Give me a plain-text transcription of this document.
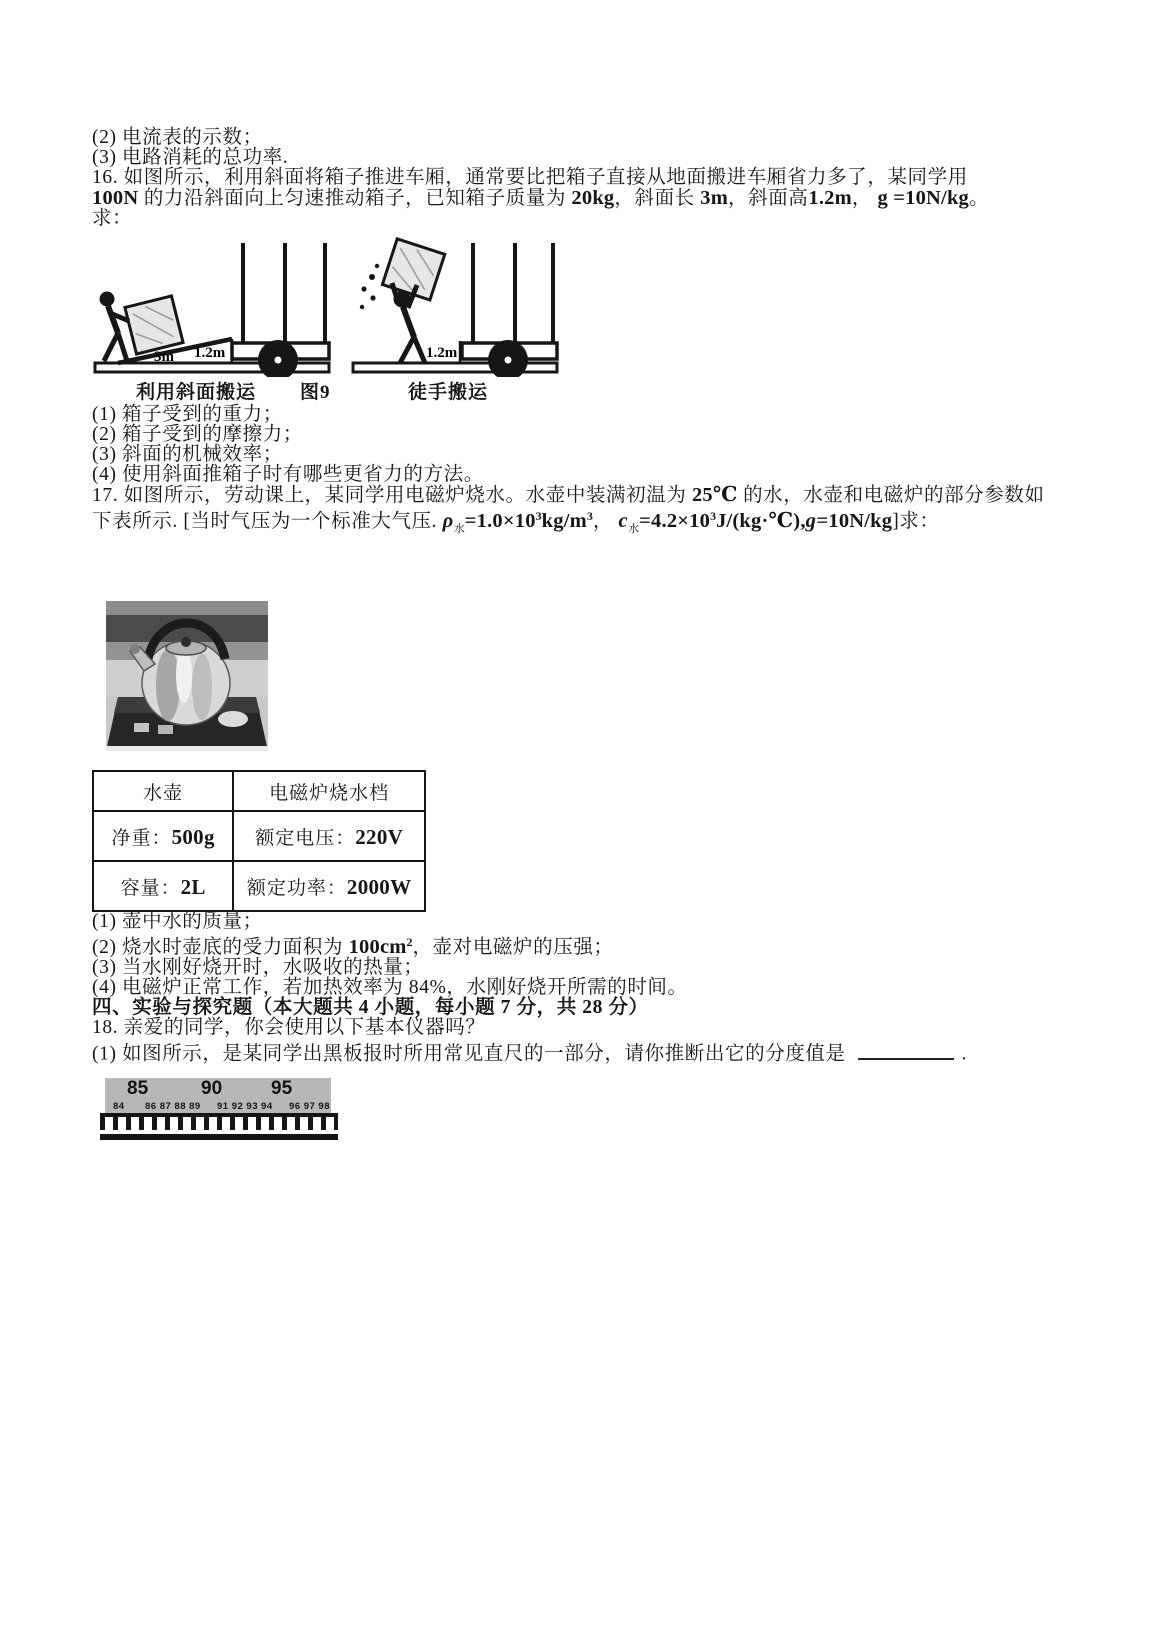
(2) 电流表的示数；

(3) 电路消耗的总功率.

16. 如图所示，利用斜面将箱子推进车厢，通常要比把箱子直接从地面搬进车厢省力多了，某同学用

100N 的力沿斜面向上匀速推动箱子，已知箱子质量为 20kg，斜面长 3m，斜面高1.2m， g =10N/kg。

求：

3m 1.2m	1.2m
利用斜面搬运 图9	徒手搬运

(1) 箱子受到的重力；

(2) 箱子受到的摩擦力；

(3) 斜面的机械效率；

(4) 使用斜面推箱子时有哪些更省力的方法。

17. 如图所示，劳动课上，某同学用电磁炉烧水。水壶中装满初温为 25℃ 的水，水壶和电磁炉的部分参数如

下表所示. [当时气压为一个标准大气压. $\rho_水=1.0\times 10^3kg/m^3$， $c_水=4.2\times 10^3J/(kg\cdot℃),g=10N/kg$]求：

水壶	电磁炉烧水档
净重：500g	额定电压：220V
容量：2L	额定功率：2000W

(1) 壶中水的质量；

(2) 烧水时壶底的受力面积为 $100cm^2$，壶对电磁炉的压强；

(3) 当水刚好烧开时，水吸收的热量；

(4) 电磁炉正常工作，若加热效率为 84%，水刚好烧开所需的时间。

四、实验与探究题（本大题共 4 小题，每小题 7 分，共 28 分）

18. 亲爱的同学，你会使用以下基本仪器吗？

(1) 如图所示，是某同学出黑板报时所用常见直尺的一部分，请你推断出它的分度值是	.

84
85
86 87 88 89
90
91 92 93 94
95
96 97 98
